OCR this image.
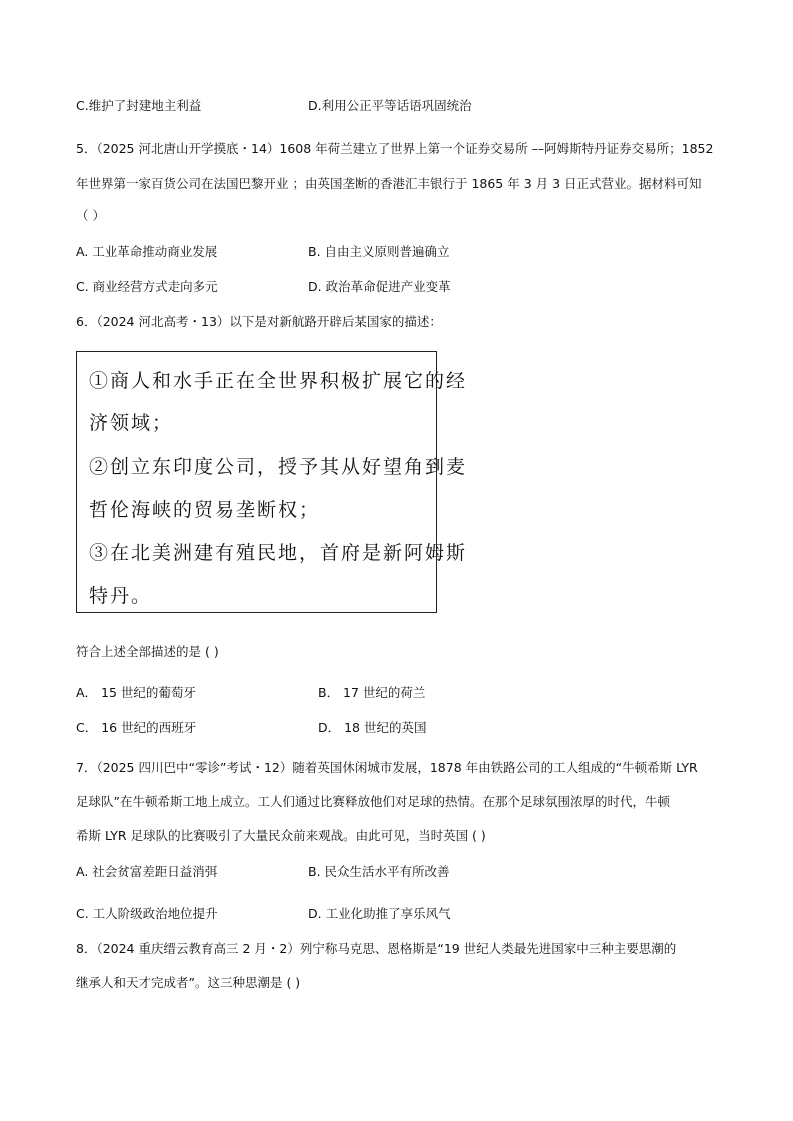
C.维护了封建地主利益	D.利用公正平等话语巩固统治
5．（2025 河北唐山开学摸底・14）1608 年荷兰建立了世界上第一个证券交易所 ––阿姆斯特丹证券交易所；1852
年世界第一家百货公司在法国巴黎开业 ；由英国垄断的香港汇丰银行于 1865 年 3 月 3 日正式营业。据材料可知
（ ）
A. 工业革命推动商业发展	B. 自由主义原则普遍确立
C. 商业经营方式走向多元	D. 政治革命促进产业变革
6．（2024 河北高考・13）以下是对新航路开辟后某国家的描述：
①商人和水手正在全世界积极扩展它的经
济领域；
②创立东印度公司，授予其从好望角到麦
哲伦海峡的贸易垄断权；
③在北美洲建有殖民地，首府是新阿姆斯
特丹。
符合上述全部描述的是 ( )
A． 15 世纪的葡萄牙	B． 17 世纪的荷兰
C． 16 世纪的西班牙	D． 18 世纪的英国
7．（2025 四川巴中“零诊”考试・12）随着英国休闲城市发展，1878 年由铁路公司的工人组成的“牛顿希斯 LYR
足球队”在牛顿希斯工地上成立。工人们通过比赛释放他们对足球的热情。在那个足球氛围浓厚的时代，牛顿
希斯 LYR 足球队的比赛吸引了大量民众前来观战。由此可见，当时英国 ( )
A. 社会贫富差距日益消弭	B. 民众生活水平有所改善
C. 工人阶级政治地位提升	D. 工业化助推了享乐风气
8．（2024 重庆缙云教育高三 2 月・2）列宁称马克思、恩格斯是“19 世纪人类最先进国家中三种主要思潮的
继承人和天才完成者”。这三种思潮是 ( )
